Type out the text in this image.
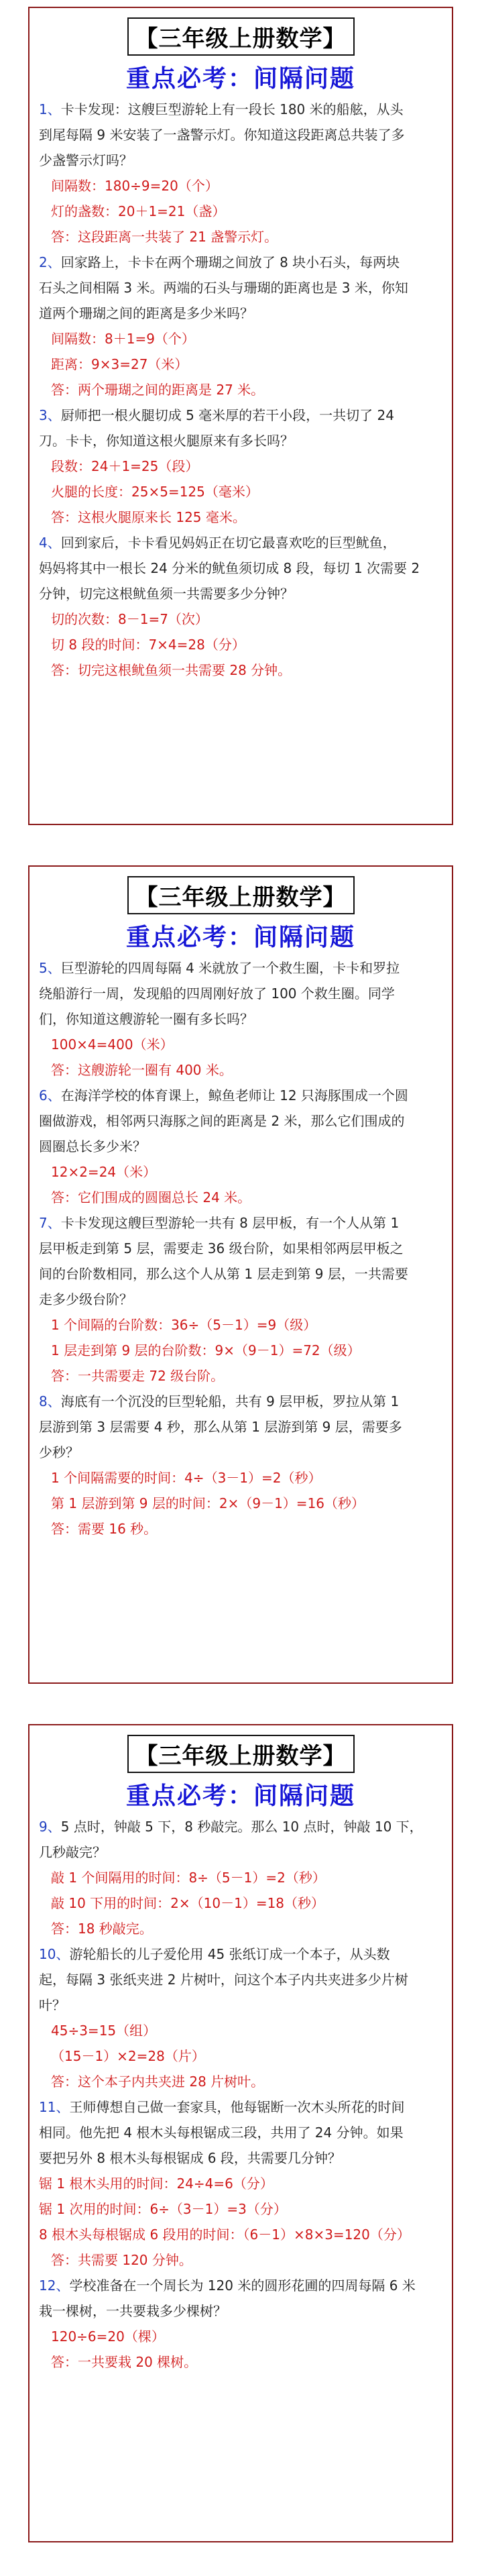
【三年级上册数学】
重点必考：间隔问题

1、卡卡发现：这艘巨型游轮上有一段长 180 米的船舷，从头

到尾每隔 9 米安装了一盏警示灯。你知道这段距离总共装了多

少盏警示灯吗？

间隔数：180÷9=20（个）

灯的盏数：20＋1=21（盏）

答：这段距离一共装了 21 盏警示灯。

2、回家路上，卡卡在两个珊瑚之间放了 8 块小石头，每两块

石头之间相隔 3 米。两端的石头与珊瑚的距离也是 3 米，你知

道两个珊瑚之间的距离是多少米吗？

间隔数：8＋1=9（个）

距离：9×3=27（米）

答：两个珊瑚之间的距离是 27 米。

3、厨师把一根火腿切成 5 毫米厚的若干小段，一共切了 24

刀。卡卡，你知道这根火腿原来有多长吗？

段数：24＋1=25（段）

火腿的长度：25×5=125（毫米）

答：这根火腿原来长 125 毫米。

4、回到家后，卡卡看见妈妈正在切它最喜欢吃的巨型鱿鱼，

妈妈将其中一根长 24 分米的鱿鱼须切成 8 段，每切 1 次需要 2

分钟，切完这根鱿鱼须一共需要多少分钟？

切的次数：8－1=7（次）

切 8 段的时间：7×4=28（分）

答：切完这根鱿鱼须一共需要 28 分钟。

【三年级上册数学】
重点必考：间隔问题

5、巨型游轮的四周每隔 4 米就放了一个救生圈，卡卡和罗拉

绕船游行一周，发现船的四周刚好放了 100 个救生圈。同学

们，你知道这艘游轮一圈有多长吗？

100×4=400（米）

答：这艘游轮一圈有 400 米。

6、在海洋学校的体育课上，鲸鱼老师让 12 只海豚围成一个圆

圈做游戏，相邻两只海豚之间的距离是 2 米，那么它们围成的

圆圈总长多少米？

12×2=24（米）

答：它们围成的圆圈总长 24 米。

7、卡卡发现这艘巨型游轮一共有 8 层甲板，有一个人从第 1

层甲板走到第 5 层，需要走 36 级台阶，如果相邻两层甲板之

间的台阶数相同，那么这个人从第 1 层走到第 9 层，一共需要

走多少级台阶？

1 个间隔的台阶数：36÷（5－1）=9（级）

1 层走到第 9 层的台阶数：9×（9－1）=72（级）

答：一共需要走 72 级台阶。

8、海底有一个沉没的巨型轮船，共有 9 层甲板，罗拉从第 1

层游到第 3 层需要 4 秒，那么从第 1 层游到第 9 层，需要多

少秒？

1 个间隔需要的时间：4÷（3－1）=2（秒）

第 1 层游到第 9 层的时间：2×（9－1）=16（秒）

答：需要 16 秒。

【三年级上册数学】
重点必考：间隔问题

9、5 点时，钟敲 5 下，8 秒敲完。那么 10 点时，钟敲 10 下，

几秒敲完？

敲 1 个间隔用的时间：8÷（5－1）=2（秒）

敲 10 下用的时间：2×（10－1）=18（秒）

答：18 秒敲完。

10、游轮船长的儿子爱伦用 45 张纸订成一个本子，从头数

起，每隔 3 张纸夹进 2 片树叶，问这个本子内共夹进多少片树

叶？

45÷3=15（组）

（15－1）×2=28（片）

答：这个本子内共夹进 28 片树叶。

11、王师傅想自己做一套家具，他每锯断一次木头所花的时间

相同。他先把 4 根木头每根锯成三段，共用了 24 分钟。如果

要把另外 8 根木头每根锯成 6 段，共需要几分钟？

锯 1 根木头用的时间：24÷4=6（分）

锯 1 次用的时间：6÷（3－1）=3（分）

8 根木头每根锯成 6 段用的时间：（6－1）×8×3=120（分）

答：共需要 120 分钟。

12、学校准备在一个周长为 120 米的圆形花圃的四周每隔 6 米

栽一棵树，一共要栽多少棵树？

120÷6=20（棵）

答：一共要栽 20 棵树。
